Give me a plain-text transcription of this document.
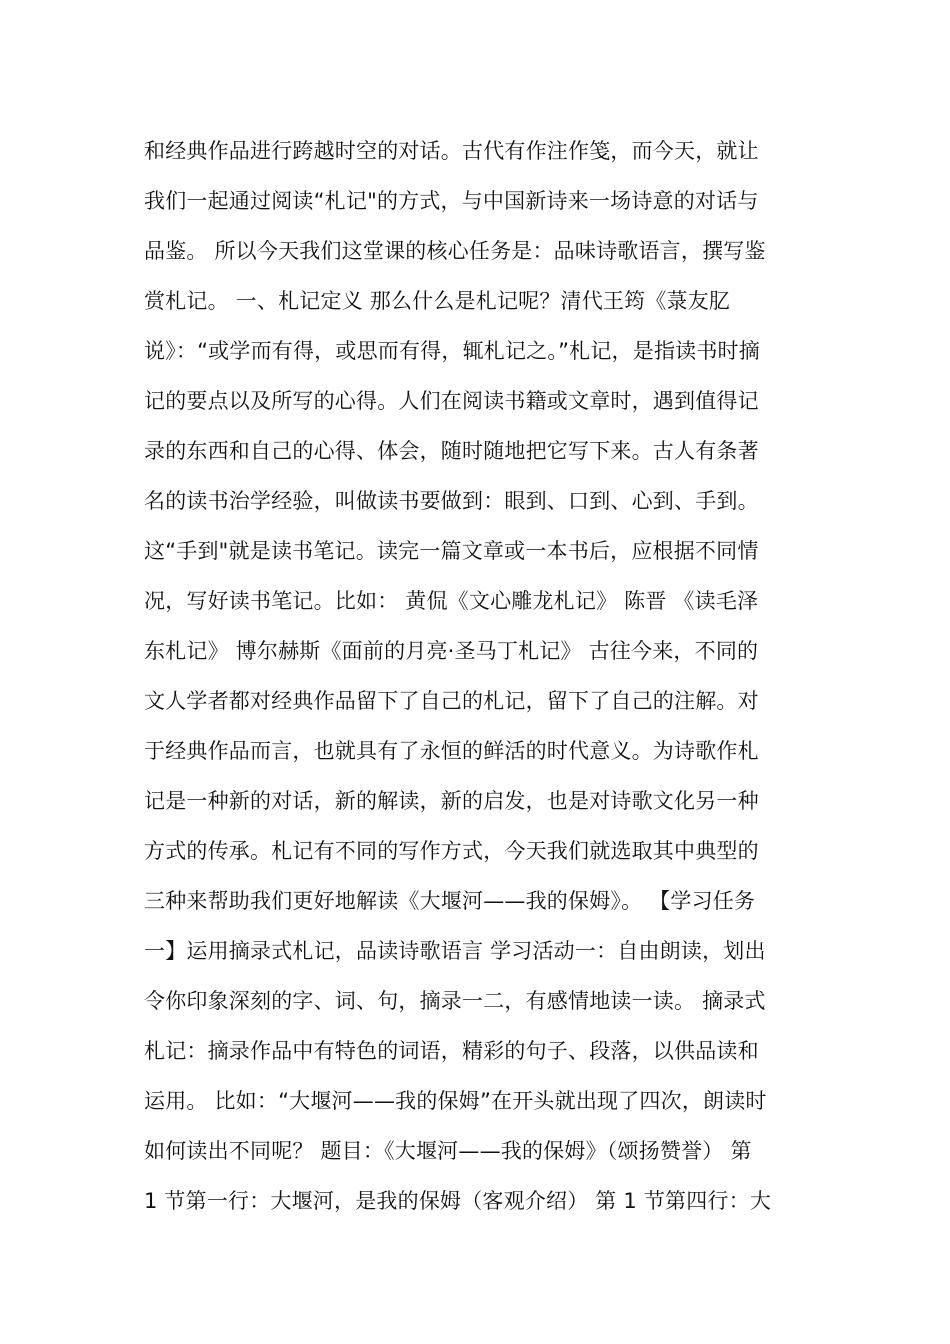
和经典作品进行跨越时空的对话。古代有作注作笺，而今天，就让
我们一起通过阅读“札记"的方式，与中国新诗来一场诗意的对话与
品鉴。 所以今天我们这堂课的核心任务是：品味诗歌语言，撰写鉴
赏札记。 一、札记定义 那么什么是札记呢？清代王筠《菉友肊
说》：“或学而有得，或思而有得，辄札记之。”札记，是指读书时摘
记的要点以及所写的心得。人们在阅读书籍或文章时，遇到值得记
录的东西和自己的心得、体会，随时随地把它写下来。古人有条著
名的读书治学经验，叫做读书要做到：眼到、口到、心到、手到。
这“手到"就是读书笔记。读完一篇文章或一本书后，应根据不同情
况，写好读书笔记。比如： 黄侃《文心雕龙札记》 陈晋 《读毛泽
东札记》 博尔赫斯《面前的月亮·圣马丁札记》 古往今来，不同的
文人学者都对经典作品留下了自己的札记，留下了自己的注解。对
于经典作品而言，也就具有了永恒的鲜活的时代意义。为诗歌作札
记是一种新的对话，新的解读，新的启发，也是对诗歌文化另一种
方式的传承。札记有不同的写作方式，今天我们就选取其中典型的
三种来帮助我们更好地解读《大堰河——我的保姆》。 【学习任务
一】运用摘录式札记，品读诗歌语言 学习活动一：自由朗读，划出
令你印象深刻的字、词、句，摘录一二，有感情地读一读。 摘录式
札记：摘录作品中有特色的词语，精彩的句子、段落，以供品读和
运用。 比如：“大堰河——我的保姆”在开头就出现了四次，朗读时
如何读出不同呢？ 题目：《大堰河——我的保姆》（颂扬赞誉） 第
1 节第一行：大堰河，是我的保姆（客观介绍） 第 1 节第四行：大
